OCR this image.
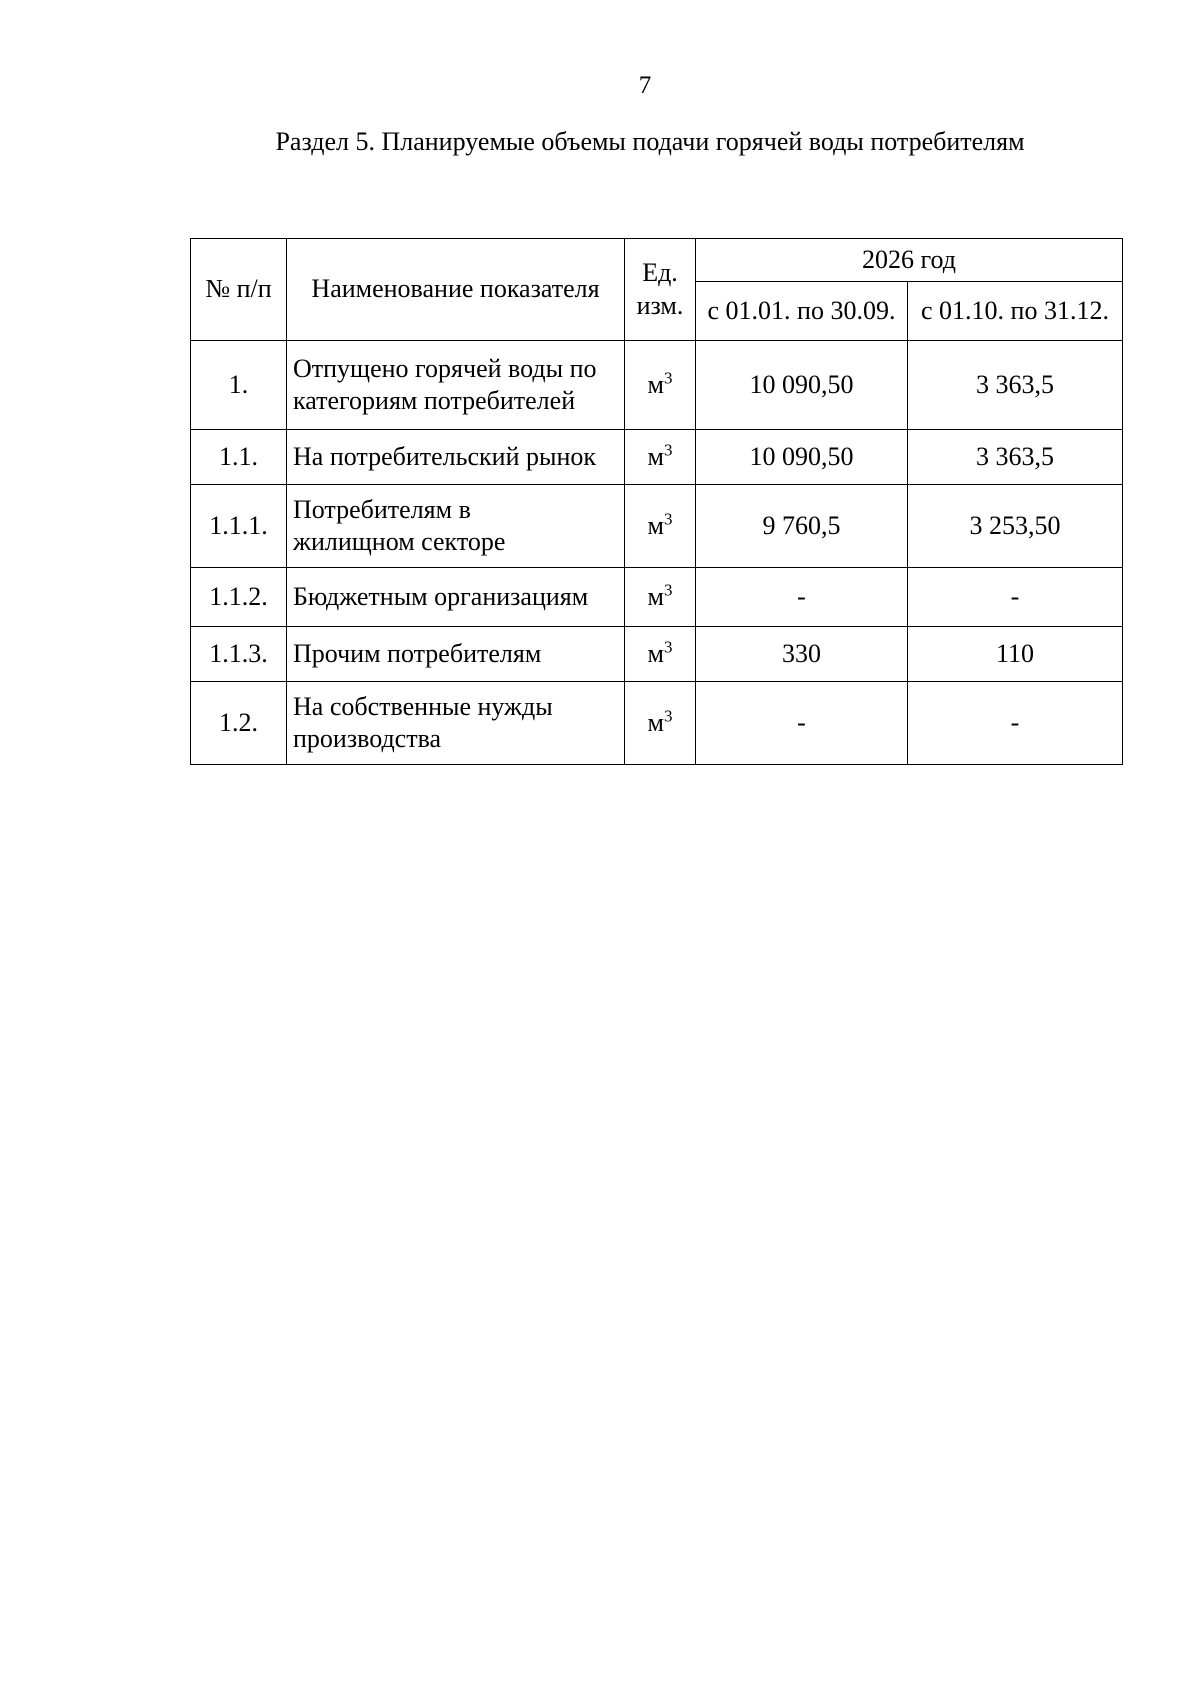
7
Раздел 5. Планируемые объемы подачи горячей воды потребителям
№ п/п	Наименование показателя	Ед. изм.	2026 год	
			с 01.01. по 30.09.	с 01.10. по 31.12.
1.	Отпущено горячей воды по категориям потребителей	$м^3$	10 090,50	3 363,5
1.1.	На потребительский рынок	$м^3$	10 090,50	3 363,5
1.1.1.	Потребителям в жилищном секторе	$м^3$	9 760,5	3 253,50
1.1.2.	Бюджетным организациям	$м^3$	-	-
1.1.3.	Прочим потребителям	$м^3$	330	110
1.2.	На собственные нужды производства	$м^3$	-	-
